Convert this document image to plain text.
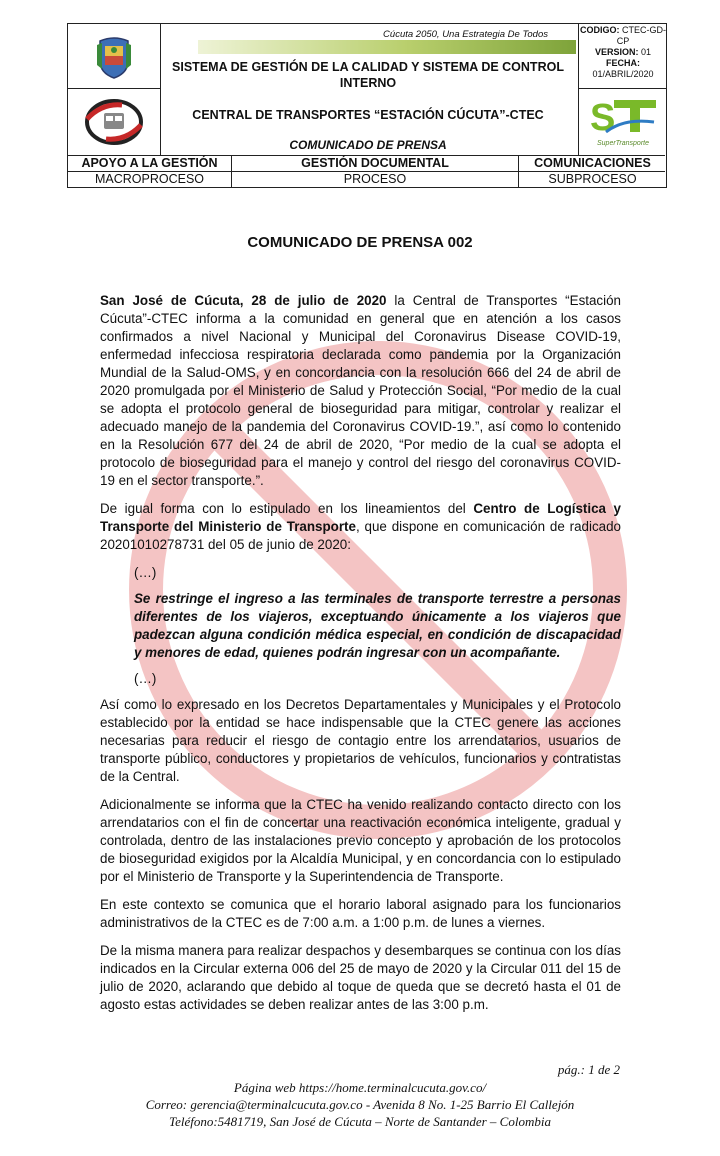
Cúcuta 2050, Una Estrategia De Todos
SISTEMA DE GESTIÓN DE LA CALIDAD Y SISTEMA DE CONTROL INTERNO
CENTRAL DE TRANSPORTES “ESTACIÓN CÚCUTA”-CTEC
COMUNICADO DE PRENSA
CODIGO: CTEC-GD-CP
VERSION: 01
FECHA:
01/ABRIL/2020
S
SuperTransporte
APOYO A LA GESTIÓN	GESTIÓN DOCUMENTAL	COMUNICACIONES
MACROPROCESO	PROCESO	SUBPROCESO
COMUNICADO DE PRENSA 002

San José de Cúcuta, 28 de julio de 2020 la Central de Transportes “Estación Cúcuta”-CTEC informa a la comunidad en general que en atención a los casos confirmados a nivel Nacional y Municipal del Coronavirus Disease COVID-19, enfermedad infecciosa respiratoria declarada como pandemia por la Organización Mundial de la Salud-OMS, y en concordancia con la resolución 666 del 24 de abril de 2020 promulgada por el Ministerio de Salud y Protección Social, “Por medio de la cual se adopta el protocolo general de bioseguridad para mitigar, controlar y realizar el adecuado manejo de la pandemia del Coronavirus COVID-19.”, así como lo contenido en la Resolución 677 del 24 de abril de 2020, “Por medio de la cual se adopta el protocolo de bioseguridad para el manejo y control del riesgo del coronavirus COVID-19 en el sector transporte.”.

De igual forma con lo estipulado en los lineamientos del Centro de Logística y Transporte del Ministerio de Transporte, que dispone en comunicación de radicado 20201010278731 del 05 de junio de 2020:

(…)

Se restringe el ingreso a las terminales de transporte terrestre a personas diferentes de los viajeros, exceptuando únicamente a los viajeros que padezcan alguna condición médica especial, en condición de discapacidad y menores de edad, quienes podrán ingresar con un acompañante.

(…)

Así como lo expresado en los Decretos Departamentales y Municipales y el Protocolo establecido por la entidad se hace indispensable que la CTEC genere las acciones necesarias para reducir el riesgo de contagio entre los arrendatarios, usuarios de transporte público, conductores y propietarios de vehículos, funcionarios y contratistas de la Central.

Adicionalmente se informa que la CTEC ha venido realizando contacto directo con los arrendatarios con el fin de concertar una reactivación económica inteligente, gradual y controlada, dentro de las instalaciones previo concepto y aprobación de los protocolos de bioseguridad exigidos por la Alcaldía Municipal, y en concordancia con lo estipulado por el Ministerio de Transporte y la Superintendencia de Transporte.

En este contexto se comunica que el horario laboral asignado para los funcionarios administrativos de la CTEC es de 7:00 a.m. a 1:00 p.m. de lunes a viernes.

De la misma manera para realizar despachos y desembarques se continua con los días indicados en la Circular externa 006 del 25 de mayo de 2020 y la Circular 011 del 15 de julio de 2020, aclarando que debido al toque de queda que se decretó hasta el 01 de agosto estas actividades se deben realizar antes de las 3:00 p.m.

pág.: 1 de 2
Página web https://home.terminalcucuta.gov.co/
Correo: gerencia@terminalcucuta.gov.co - Avenida 8 No. 1-25 Barrio El Callejón
Teléfono:5481719, San José de Cúcuta – Norte de Santander – Colombia
